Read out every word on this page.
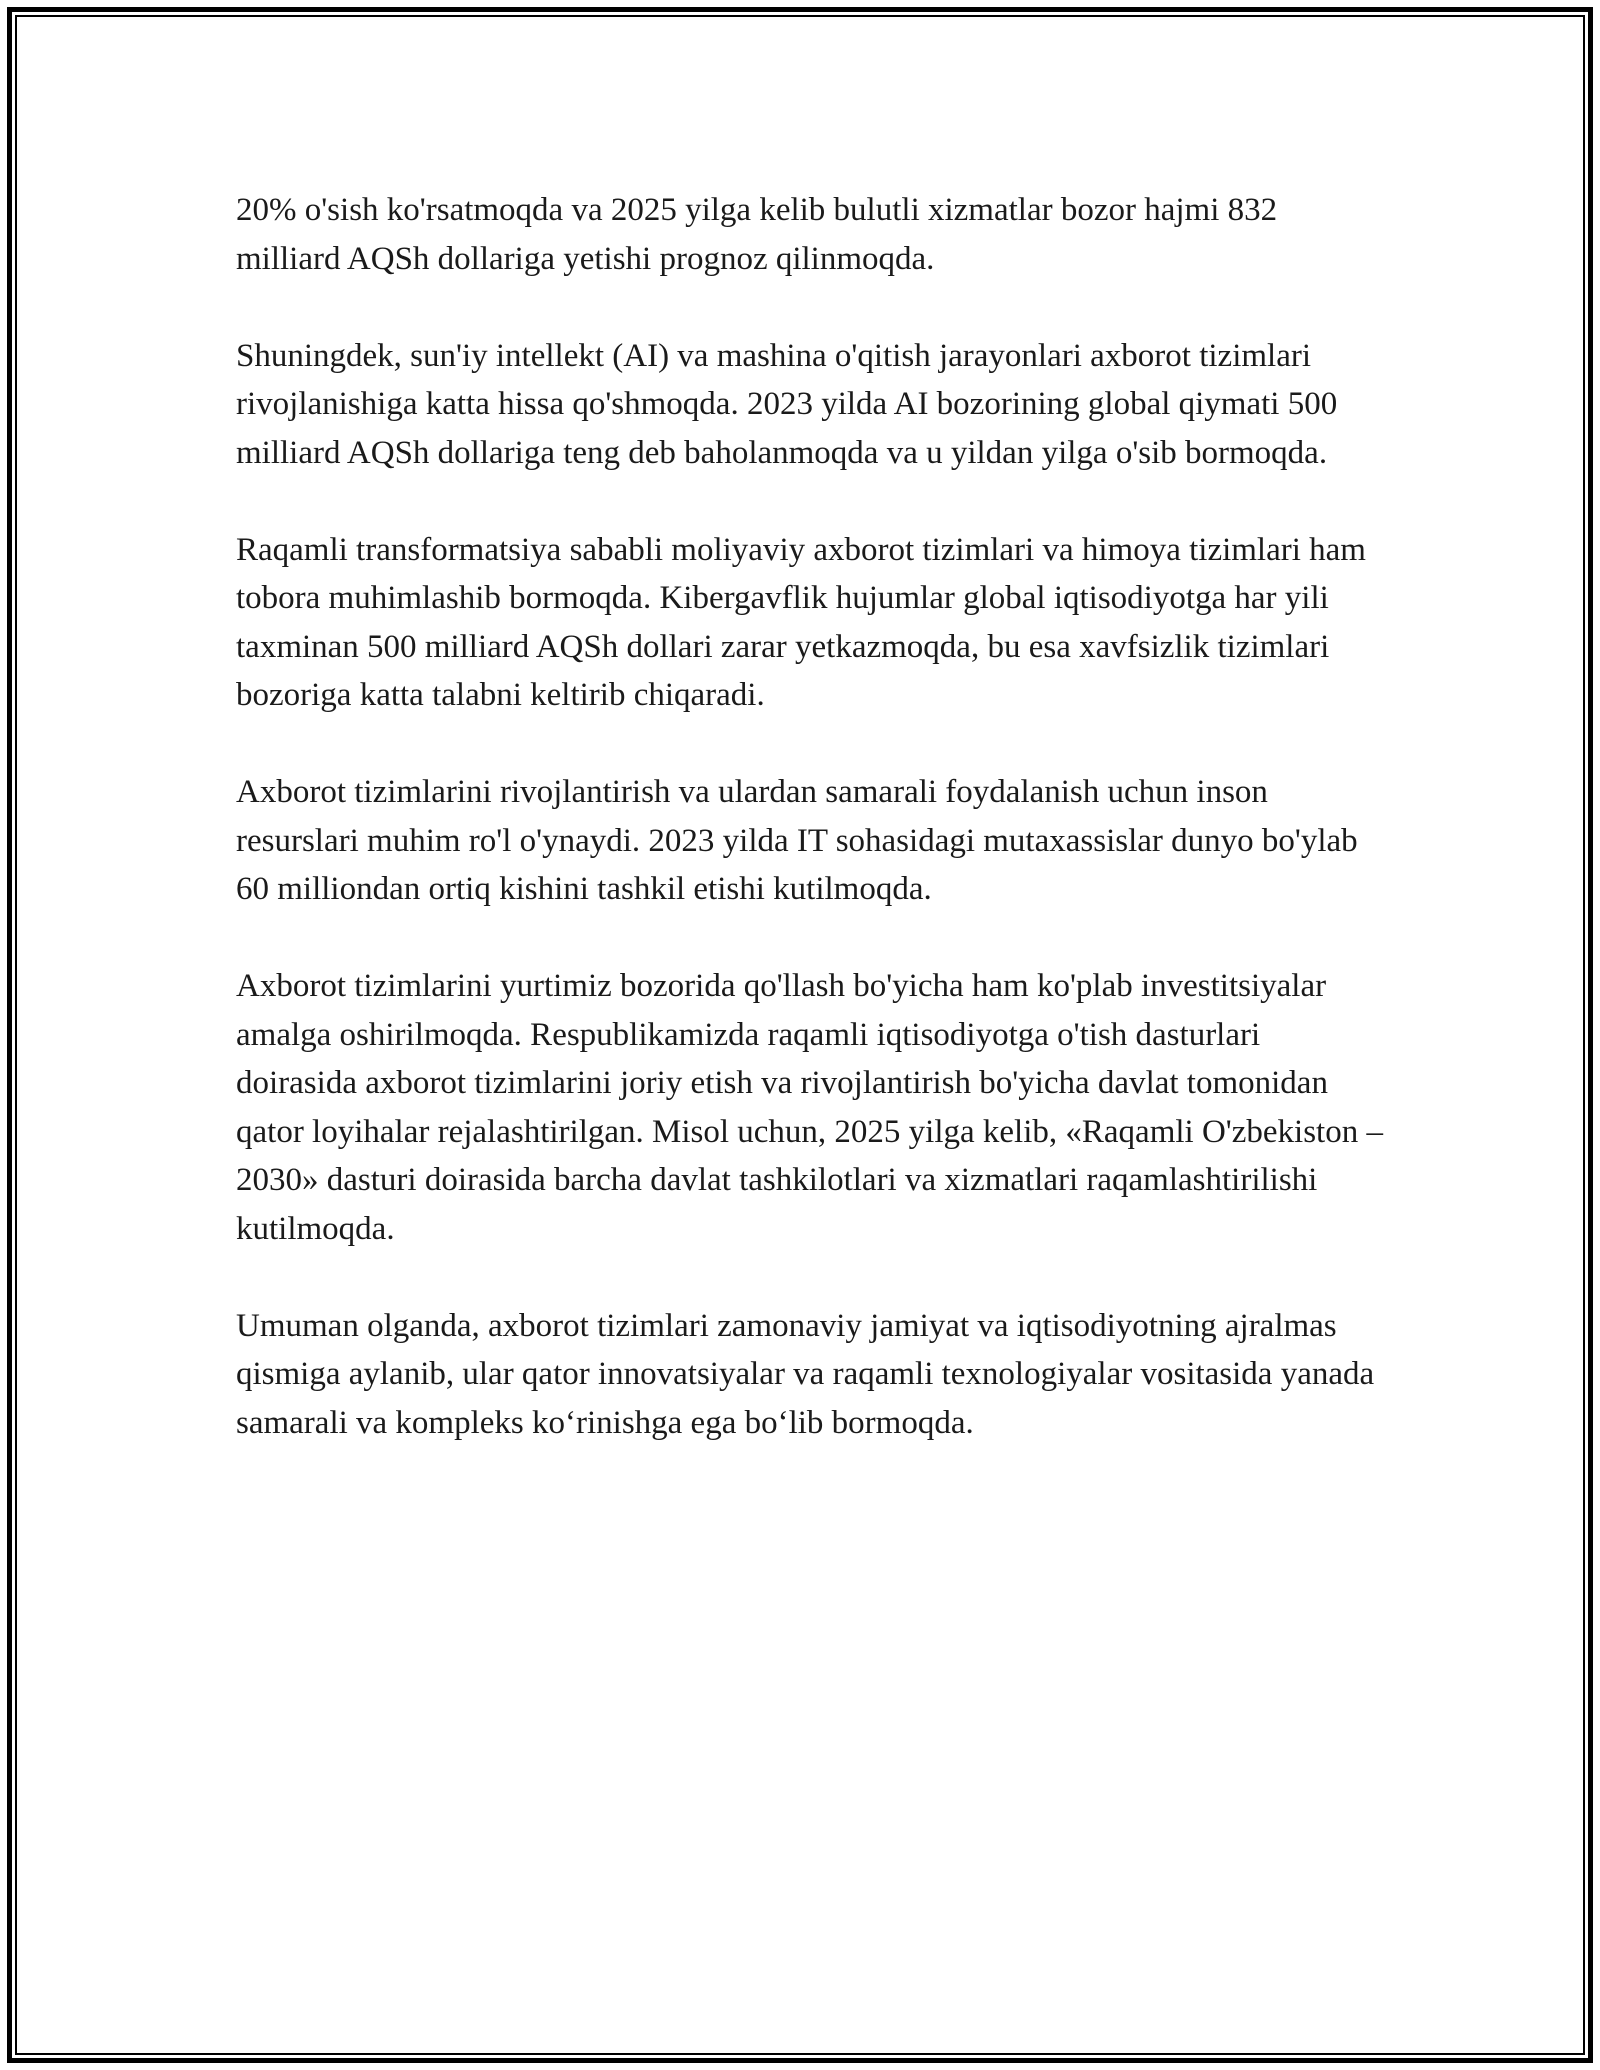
20% o'sish ko'rsatmoqda va 2025 yilga kelib bulutli xizmatlar bozor hajmi 832 milliard AQSh dollariga yetishi prognoz qilinmoqda.

Shuningdek, sun'iy intellekt (AI) va mashina o'qitish jarayonlari axborot tizimlari rivojlanishiga katta hissa qo'shmoqda. 2023 yilda AI bozorining global qiymati 500 milliard AQSh dollariga teng deb baholanmoqda va u yildan yilga o'sib bormoqda.

Raqamli transformatsiya sababli moliyaviy axborot tizimlari va himoya tizimlari ham tobora muhimlashib bormoqda. Kibergavflik hujumlar global iqtisodiyotga har yili taxminan 500 milliard AQSh dollari zarar yetkazmoqda, bu esa xavfsizlik tizimlari bozoriga katta talabni keltirib chiqaradi.

Axborot tizimlarini rivojlantirish va ulardan samarali foydalanish uchun inson resurslari muhim ro'l o'ynaydi. 2023 yilda IT sohasidagi mutaxassislar dunyo bo'ylab 60 milliondan ortiq kishini tashkil etishi kutilmoqda.

Axborot tizimlarini yurtimiz bozorida qo'llash bo'yicha ham ko'plab investitsiyalar amalga oshirilmoqda. Respublikamizda raqamli iqtisodiyotga o'tish dasturlari doirasida axborot tizimlarini joriy etish va rivojlantirish bo'yicha davlat tomonidan qator loyihalar rejalashtirilgan. Misol uchun, 2025 yilga kelib, «Raqamli O'zbekiston – 2030» dasturi doirasida barcha davlat tashkilotlari va xizmatlari raqamlashtirilishi kutilmoqda.

Umuman olganda, axborot tizimlari zamonaviy jamiyat va iqtisodiyotning ajralmas qismiga aylanib, ular qator innovatsiyalar va raqamli texnologiyalar vositasida yanada samarali va kompleks ko‘rinishga ega bo‘lib bormoqda.
